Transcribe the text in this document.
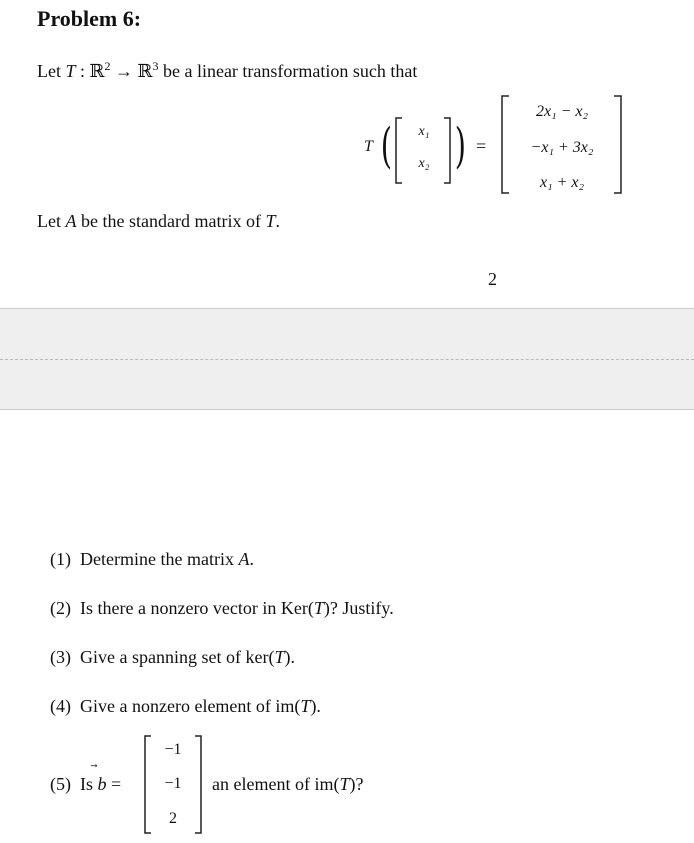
Problem 6:
Let T : ℝ$^2$ → ℝ$^3$ be a linear transformation such that
T ( )
x₁
x₂
=
2x₁ − x₂
−x₁ + 3x₂
x₁ + x₂
Let A be the standard matrix of T.
2
(1) Determine the matrix A.
(2) Is there a nonzero vector in Ker(T)? Justify.
(3) Give a spanning set of ker(T).
(4) Give a nonzero element of im(T).
(5) Is
b =
−1
−1
2
an element of im(T)?
